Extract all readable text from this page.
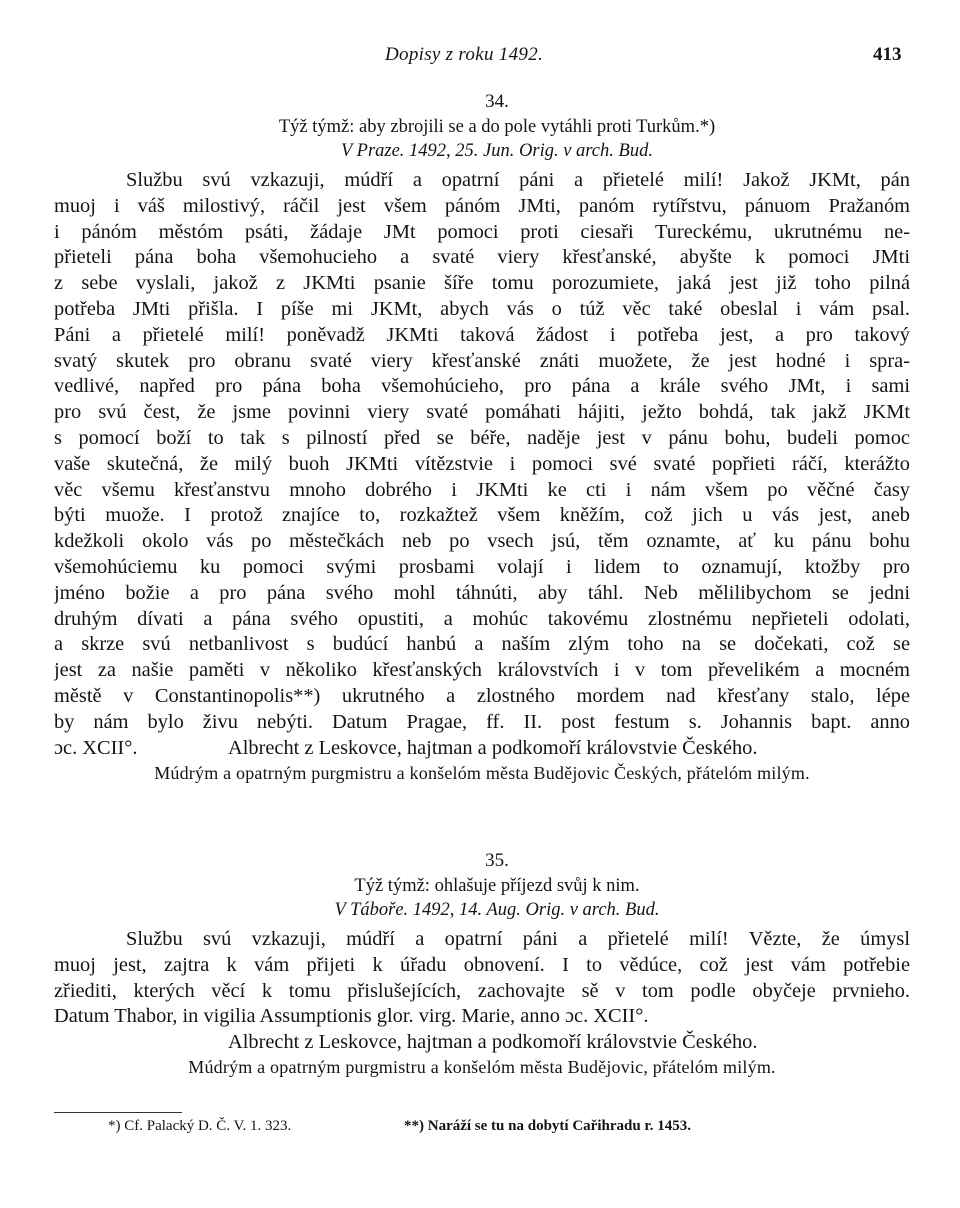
Dopisy z roku 1492.	413
34.
Týž týmž: aby zbrojili se a do pole vytáhli proti Turkům.*)
V Praze. 1492, 25. Jun. Orig. v arch. Bud.
Službu svú vzkazuji, múdří a opatrní páni a přietelé milí! Jakož JKMt, pán
muoj i váš milostivý, ráčil jest všem pánóm JMti, panóm rytířstvu, pánuom Pražanóm
i pánóm městóm psáti, žádaje JMt pomoci proti ciesaři Tureckému, ukrutnému ne-
přieteli pána boha všemohucieho a svaté viery křesťanské, abyšte k pomoci JMti
z sebe vyslali, jakož z JKMti psanie šíře tomu porozumiete, jaká jest již toho pilná
potřeba JMti přišla. I píše mi JKMt, abych vás o túž věc také obeslal i vám psal.
Páni a přietelé milí! poněvadž JKMti taková žádost i potřeba jest, a pro takový
svatý skutek pro obranu svaté viery křesťanské znáti muožete, že jest hodné i spra-
vedlivé, napřed pro pána boha všemohúcieho, pro pána a krále svého JMt, i sami
pro svú čest, že jsme povinni viery svaté pomáhati hájiti, ježto bohdá, tak jakž JKMt
s pomocí boží to tak s pilností před se béře, naděje jest v pánu bohu, budeli pomoc
vaše skutečná, že milý buoh JKMti vítězstvie i pomoci své svaté popřieti ráčí, kterážto
věc všemu křesťanstvu mnoho dobrého i JKMti ke cti i nám všem po věčné časy
býti muože. I protož znajíce to, rozkažtež všem kněžím, což jich u vás jest, aneb
kdežkoli okolo vás po městečkách neb po vsech jsú, těm oznamte, ať ku pánu bohu
všemohúciemu ku pomoci svými prosbami volají i lidem to oznamují, ktožby pro
jméno božie a pro pána svého mohl táhnúti, aby táhl. Neb mělilibychom se jedni
druhým dívati a pána svého opustiti, a mohúc takovému zlostnému nepřieteli odolati,
a skrze svú netbanlivost s budúcí hanbú a naším zlým toho na se dočekati, což se
jest za našie paměti v několiko křesťanských královstvích i v tom převelikém a mocném
městě v Constantinopolis**) ukrutného a zlostného mordem nad křesťany stalo, lépe
by nám bylo živu nebýti. Datum Pragae, ff. II. post festum s. Johannis bapt. anno
ɔc. XCII°.	Albrecht z Leskovce, hajtman a podkomoří královstvie Českého.
Múdrým a opatrným purgmistru a konšelóm města Budějovic Českých, přátelóm milým.
35.
Týž týmž: ohlašuje příjezd svůj k nim.
V Táboře. 1492, 14. Aug. Orig. v arch. Bud.
Službu svú vzkazuji, múdří a opatrní páni a přietelé milí! Vězte, že úmysl
muoj jest, zajtra k vám přijeti k úřadu obnovení. I to vědúce, což jest vám potřebie
zřiediti, kterých věcí k tomu přislušejících, zachovajte sě v tom podle obyčeje prvnieho.
Datum Thabor, in vigilia Assumptionis glor. virg. Marie, anno ɔc. XCII°.
Albrecht z Leskovce, hajtman a podkomoří královstvie Českého.
Múdrým a opatrným purgmistru a konšelóm města Budějovic, přátelóm milým.
*) Cf. Palacký D. Č. V. 1. 323.	**) Naráží se tu na dobytí Cařihradu r. 1453.
